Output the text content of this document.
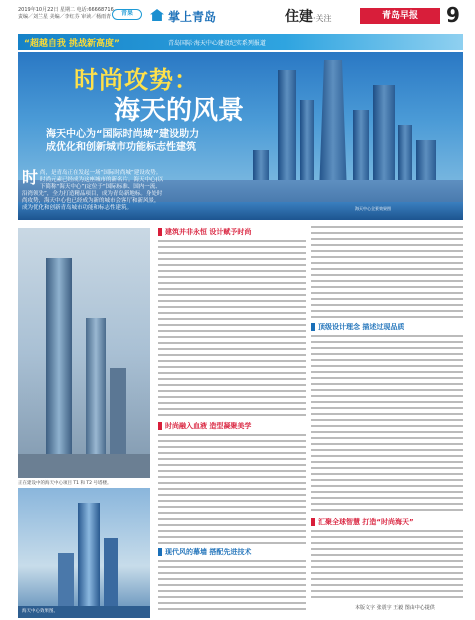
2019年10月22日 星期二 电话:66668716
责编／刘兰星 美编／李红芬 审读／杨雨青	青果	掌上青岛	住建·关注	青岛早报	9
“超越自我 挑战新高度”	青岛国际·海天中心建设纪实系列报道
时尚攻势：
海天的风景
海天中心为“国际时尚城”建设助力
成优化和创新城市功能标志性建筑
时尚，是青岛正在发起一场“国际时尚城”建设攻势。时尚元素已经成为这座城市的新名片。海天中心(以下简称“海天中心”)定位于“国际标准、国内一流、沿湾领先”，全力打造精品项目，成为青岛新地标。身处时尚攻势，海天中心也已经成为新的城市会客厅和新风景，成为优化和创新青岛城市功能和标志性建筑。	海天中心全景效果图
正在建设中的海天中心项目 T1 和 T2 号塔楼。
海天中心效果图。
建筑并非永恒 设计赋予时尚
时尚融入血液 造型凝聚美学
现代风的幕墙 搭配先进技术
顶级设计理念 描述过现品质
汇聚全球智慧 打造“时尚海天”
本版文字 张震宇 王毅 图由中心提供
